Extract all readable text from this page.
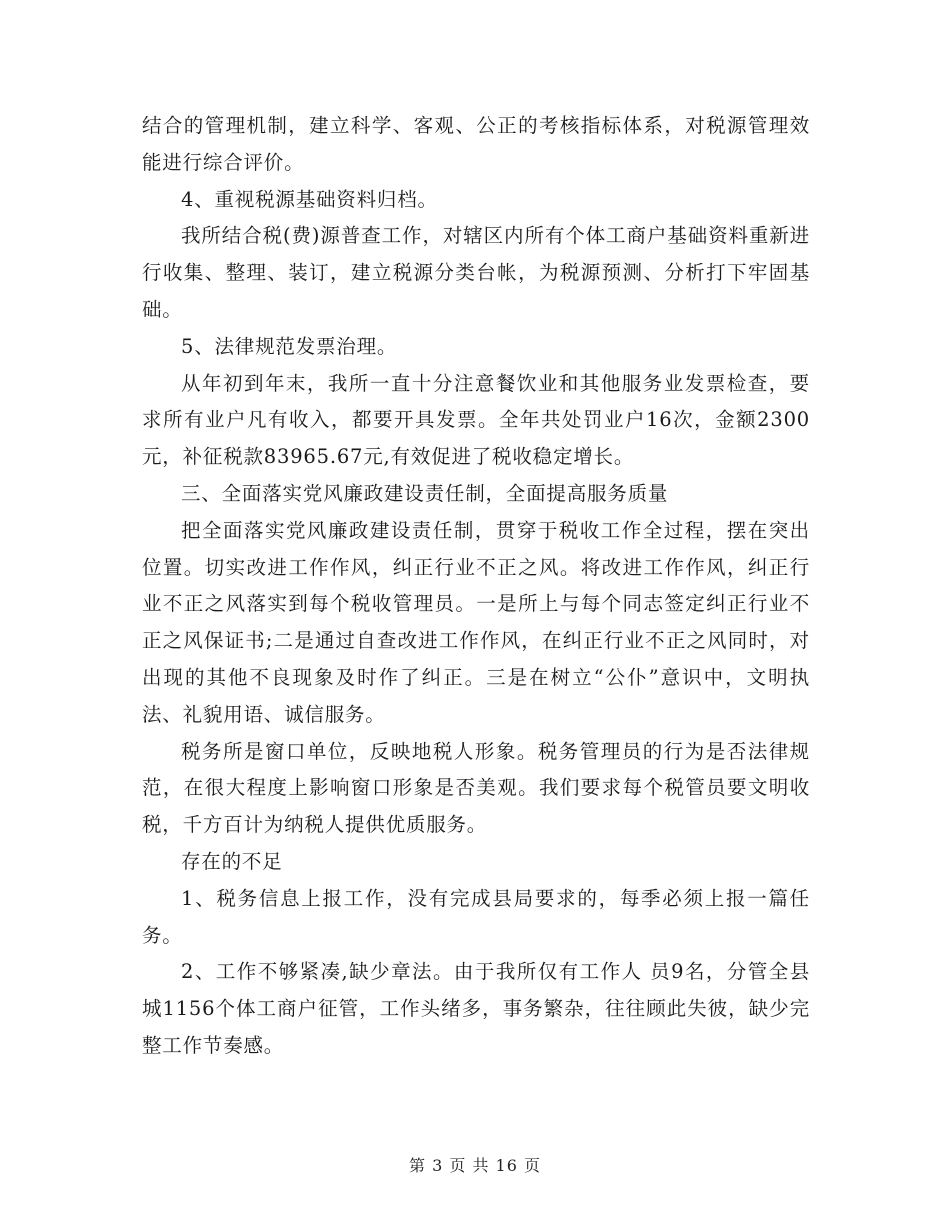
结合的管理机制，建立科学、客观、公正的考核指标体系，对税源管理效能进行综合评价。

4、重视税源基础资料归档。

我所结合税(费)源普查工作，对辖区内所有个体工商户基础资料重新进行收集、整理、装订，建立税源分类台帐，为税源预测、分析打下牢固基础。

5、法律规范发票治理。

从年初到年末，我所一直十分注意餐饮业和其他服务业发票检查，要求所有业户凡有收入，都要开具发票。全年共处罚业户16次，金额2300元，补征税款83965.67元,有效促进了税收稳定增长。

三、全面落实党风廉政建设责任制，全面提高服务质量

把全面落实党风廉政建设责任制，贯穿于税收工作全过程，摆在突出位置。切实改进工作作风，纠正行业不正之风。将改进工作作风，纠正行业不正之风落实到每个税收管理员。一是所上与每个同志签定纠正行业不正之风保证书;二是通过自查改进工作作风，在纠正行业不正之风同时，对出现的其他不良现象及时作了纠正。三是在树立“公仆”意识中，文明执法、礼貌用语、诚信服务。

税务所是窗口单位，反映地税人形象。税务管理员的行为是否法律规范，在很大程度上影响窗口形象是否美观。我们要求每个税管员要文明收税，千方百计为纳税人提供优质服务。

存在的不足

1、税务信息上报工作，没有完成县局要求的，每季必须上报一篇任务。

2、工作不够紧凑,缺少章法。由于我所仅有工作人 员9名，分管全县城1156个体工商户征管，工作头绪多，事务繁杂，往往顾此失彼，缺少完整工作节奏感。

第 3 页 共 16 页
